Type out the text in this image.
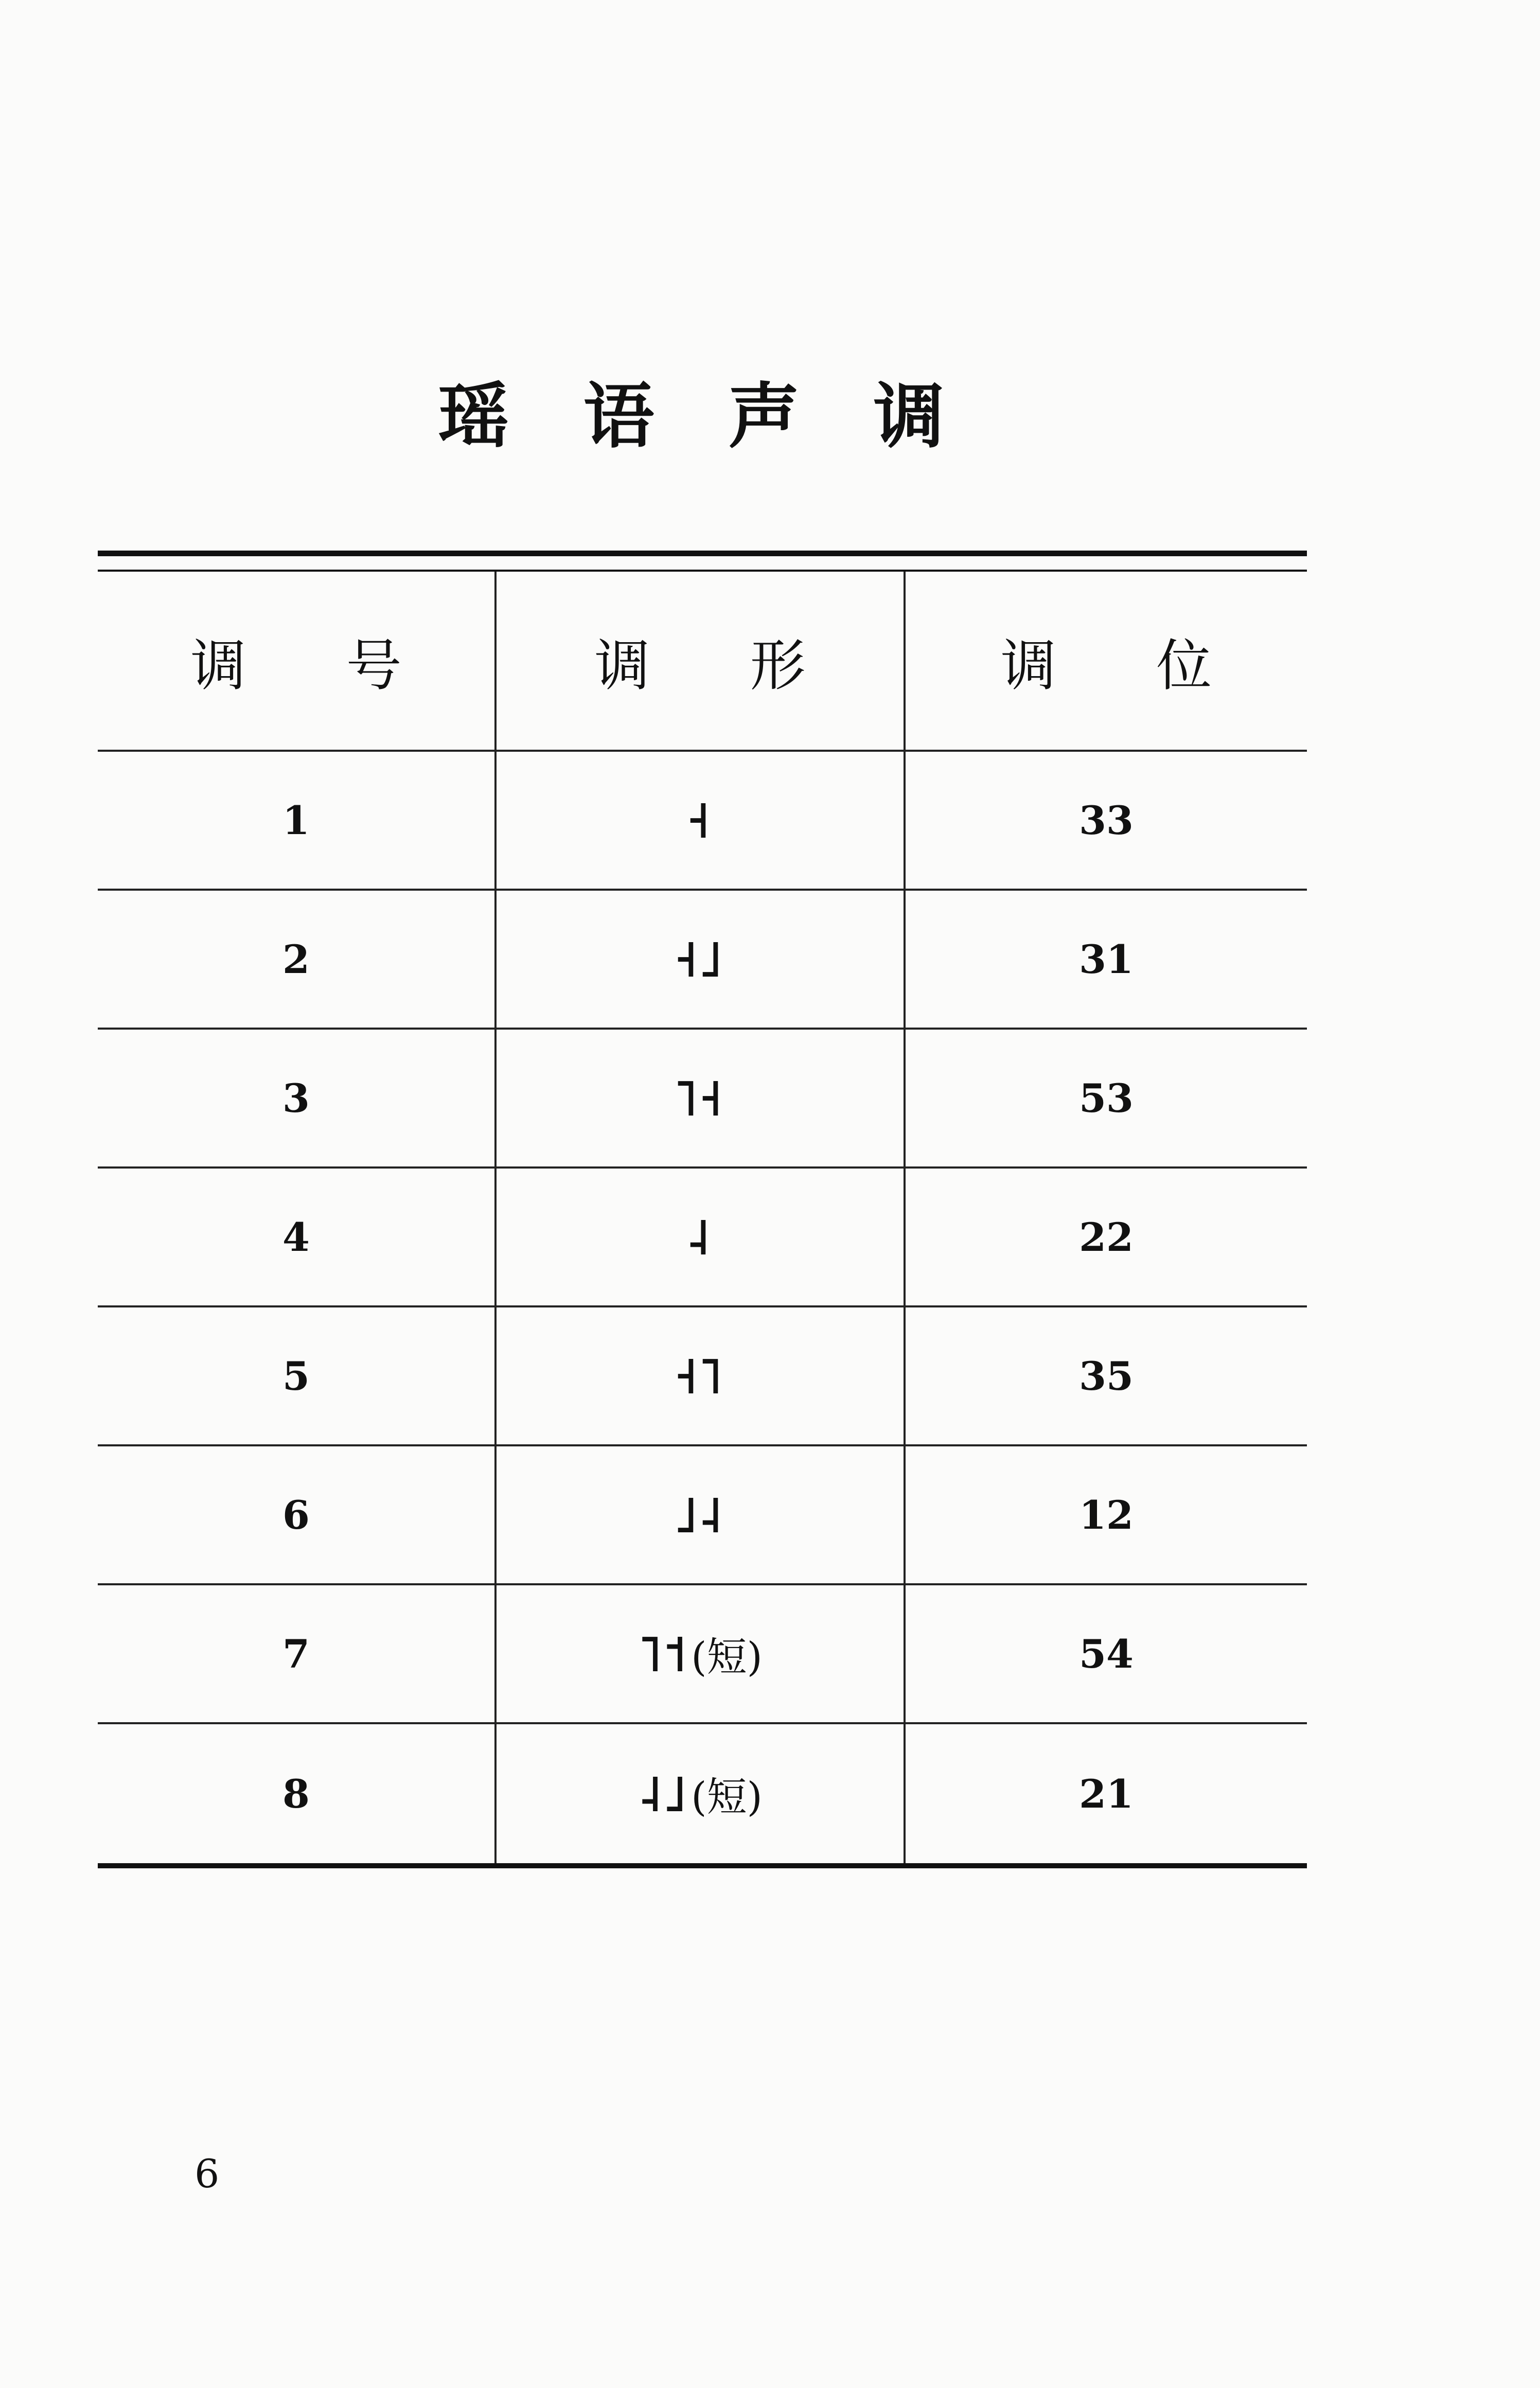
瑶 语 声 调
调 号	调 形	调 位
1	˧	33
2	˧˩	31
3	˥˧	53
4	˨	22
5	˧˥	35
6	˩˨	12
7	˥˦ (短)	54
8	˨˩ (短)	21
6
